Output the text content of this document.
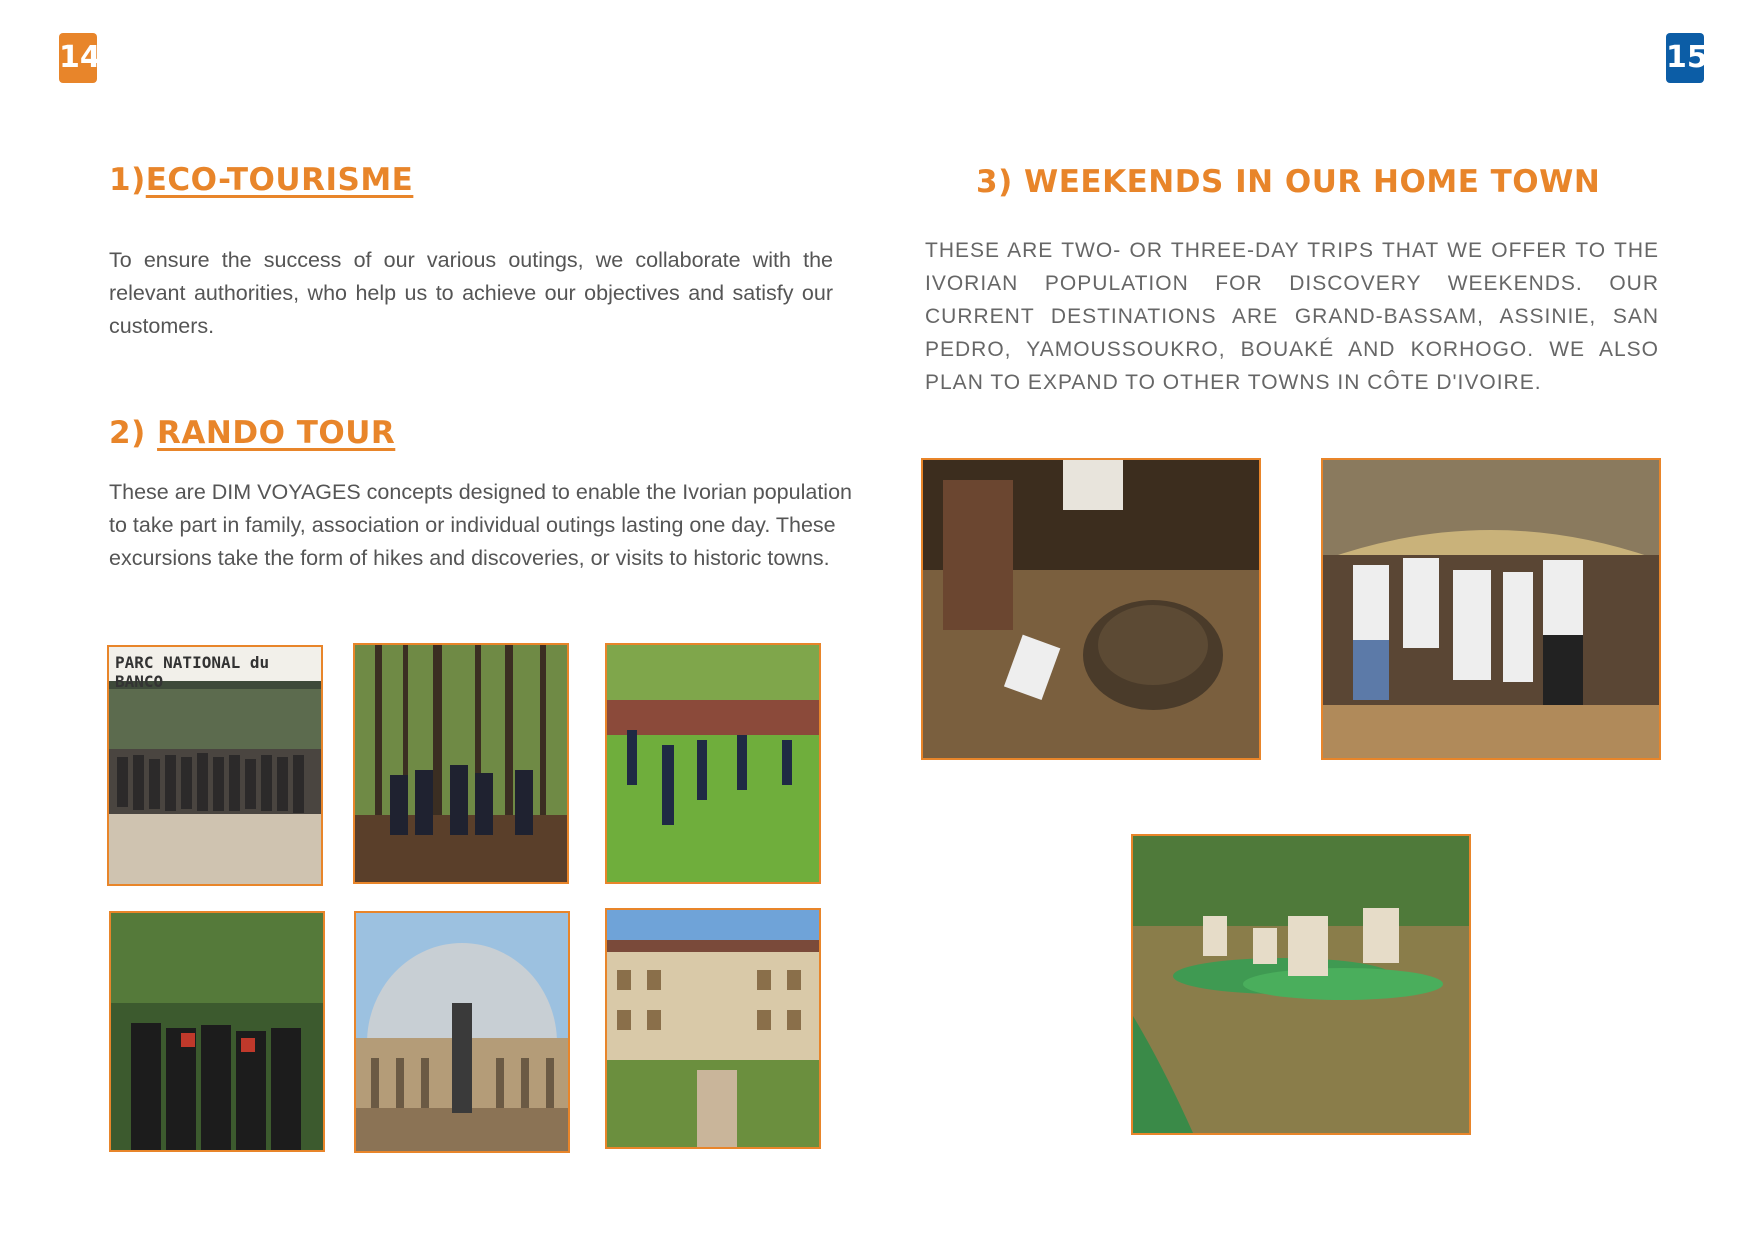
14	15
1)ECO-TOURISME
To ensure the success of our various outings, we collaborate with the relevant authorities, who help us to achieve our objectives and satisfy our customers.
2) RANDO TOUR
These are DIM VOYAGES concepts designed to enable the Ivorian population to take part in family, association or individual outings lasting one day. These excursions take the form of hikes and discoveries, or visits to historic towns.
3) WEEKENDS IN OUR HOME TOWN
THESE ARE TWO- OR THREE-DAY TRIPS THAT WE OFFER TO THE IVORIAN POPULATION FOR DISCOVERY WEEKENDS. OUR CURRENT DESTINATIONS ARE GRAND-BASSAM, ASSINIE, SAN PEDRO, YAMOUSSOUKRO, BOUAKÉ AND KORHOGO. WE ALSO PLAN TO EXPAND TO OTHER TOWNS IN CÔTE D'IVOIRE.
PARC NATIONAL du BANCO
